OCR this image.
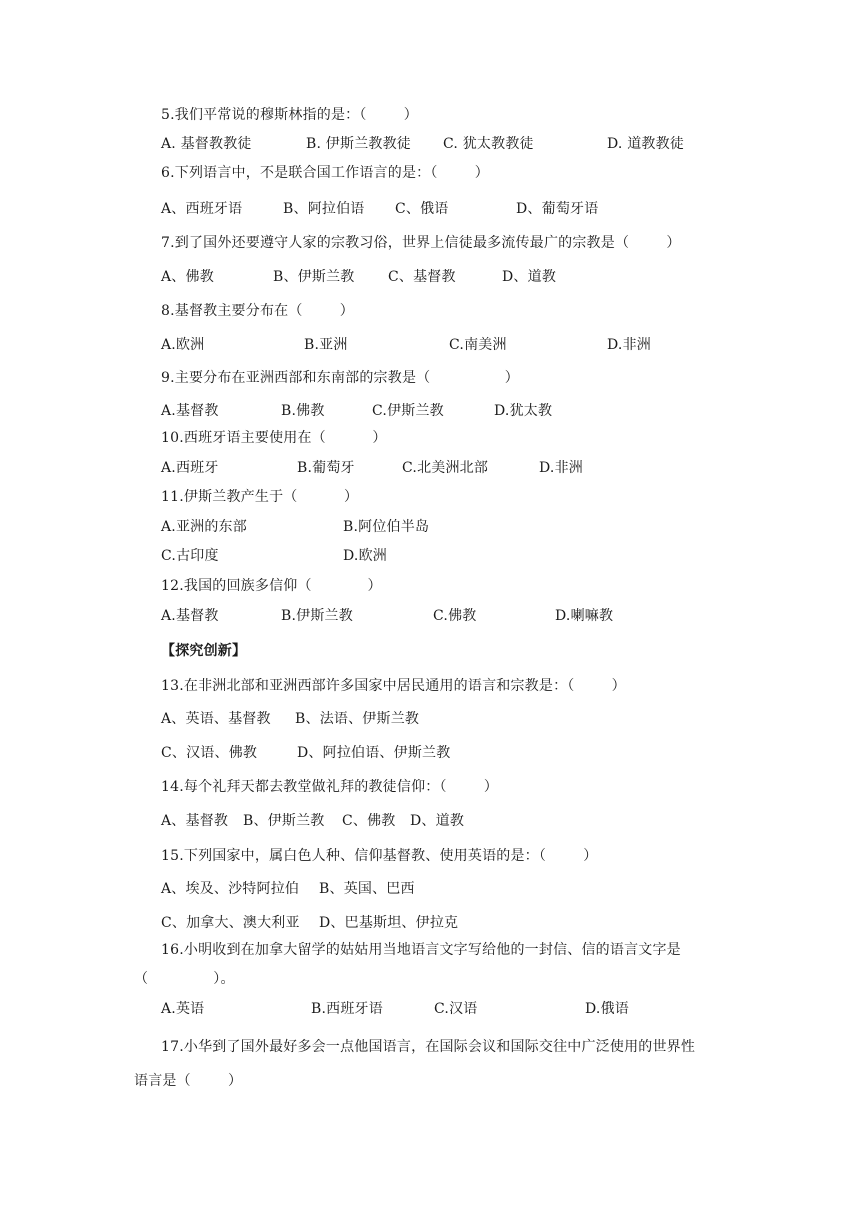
5.我们平常说的穆斯林指的是：（        ）
A. 基督教教徒	B. 伊斯兰教教徒 C. 犹太教教徒	D. 道教教徒
6.下列语言中，不是联合国工作语言的是：（        ）
A、西班牙语	B、阿拉伯语 C、俄语	D、葡萄牙语
7.到了国外还要遵守人家的宗教习俗，世界上信徒最多流传最广的宗教是（        ）
A、佛教	B、伊斯兰教 C、基督教	D、道教
8.基督教主要分布在（        ）
A.欧洲	B.亚洲	C.南美洲	D.非洲
9.主要分布在亚洲西部和东南部的宗教是（                ）
A.基督教	B.佛教	C.伊斯兰教	D.犹太教
10.西班牙语主要使用在（          ）
A.西班牙	B.葡萄牙	C.北美洲北部	D.非洲
11.伊斯兰教产生于（          ）
A.亚洲的东部	B.阿位伯半岛
C.古印度	D.欧洲
12.我国的回族多信仰（            ）
A.基督教	B.伊斯兰教	C.佛教	D.喇嘛教
【探究创新】
13.在非洲北部和亚洲西部许多国家中居民通用的语言和宗教是：（        ）
A、英语、基督教 B、法语、伊斯兰教
C、汉语、佛教	D、阿拉伯语、伊斯兰教
14.每个礼拜天都去教堂做礼拜的教徒信仰：（        ）
A、基督教 B、伊斯兰教 C、佛教 D、道教
15.下列国家中，属白色人种、信仰基督教、使用英语的是：（        ）
A、埃及、沙特阿拉伯 B、英国、巴西
C、加拿大、澳大利亚 D、巴基斯坦、伊拉克
16.小明收到在加拿大留学的姑姑用当地语言文字写给他的一封信、信的语言文字是
（              ）。
A.英语	B.西班牙语	C.汉语	D.俄语
17.小华到了国外最好多会一点他国语言，在国际会议和国际交往中广泛使用的世界性
语言是（        ）
